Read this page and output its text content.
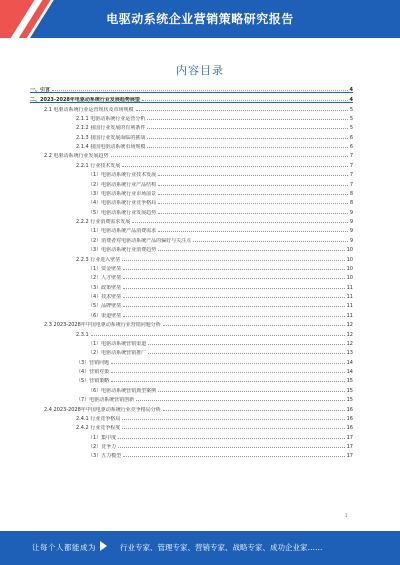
电驱动系统企业营销策略研究报告
内容目录
一、引言	4
二、2023-2028年电驱动系统行业发展趋势展望	4
2.1 电驱动系统行业运营现状及市场规模	5
2.1.1 电驱动系统行业运营分析	5
2.1.2 我国行业发展的有利条件	5
2.1.3 我国行业发展面临的挑战	6
2.1.4 我国电驱动系统市场规模	6
2.2 电驱动系统行业发展趋势	7
2.2.1 行业技术发展	7
（1）电驱动系统行业技术发展	7
（2）电驱动系统行业产品结构	7
（3）电驱动系统行业市场前景	8
（4）电驱动系统行业竞争格局	8
（5）电驱动系统行业发展趋势	9
2.2.2 行业消费需求发展	9
（1）电驱动系统产品消费需求	9
（2）消费者对电驱动系统产品的偏好与关注点	9
（3）电驱动系统行业消费趋势	10
2.2.3 行业进入壁垒	10
（1）资金壁垒	10
（2）人才壁垒	10
（3）政策壁垒	11
（4）技术壁垒	11
（5）品牌壁垒	11
（6）渠道壁垒	11
2.3 2023-2028年中国电驱动系统行业营销问题分析	12
2.3.1	12
（1）电驱动系统营销渠道	12
（2）电驱动系统营销推广	13
（3）营销问题	14
（4）营销对策	14
（5）营销策略	15
（6）电驱动系统营销典型案例	15
（7）电驱动系统营销创新	15
2.4 2023-2028年中国电驱动系统行业竞争格局分析	16
2.4.1 行业竞争格局	16
2.4.2 行业竞争程度	16
（1）集中度	17
（2）竞争力	17
（3）五力模型	17
1
让每个人都能成为	行业专家、管理专家、营销专家、战略专家、成功企业家……
